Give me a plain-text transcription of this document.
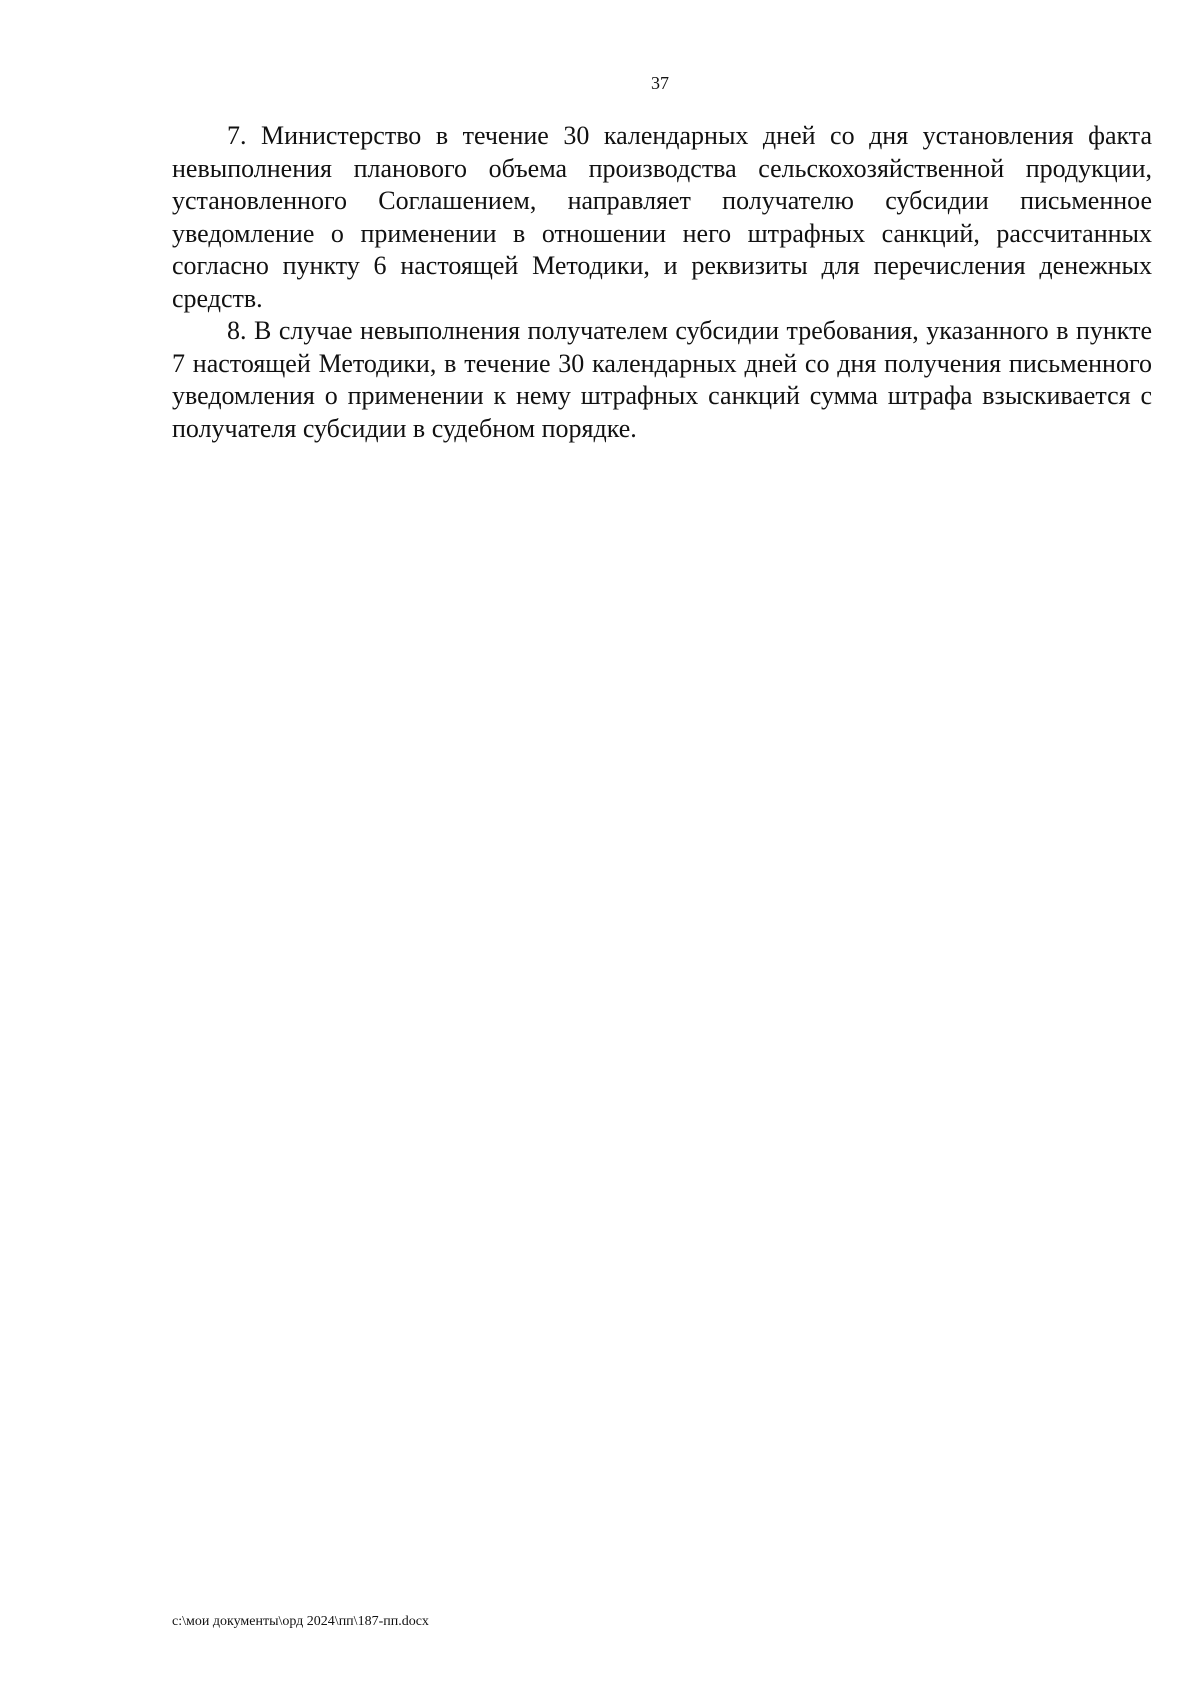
37

7. Министерство в течение 30 календарных дней со дня установления факта невыполнения планового объема производства сельскохозяйственной продукции, установленного Соглашением, направляет получателю субсидии письменное уведомление о применении в отношении него штрафных санкций, рассчитанных согласно пункту 6 настоящей Методики, и реквизиты для перечисления денежных средств.

8. В случае невыполнения получателем субсидии требования, указанного в пункте 7 настоящей Методики, в течение 30 календарных дней со дня получения письменного уведомления о применении к нему штрафных санкций сумма штрафа взыскивается с получателя субсидии в судебном порядке.

с:\мои документы\орд 2024\пп\187-пп.docx
